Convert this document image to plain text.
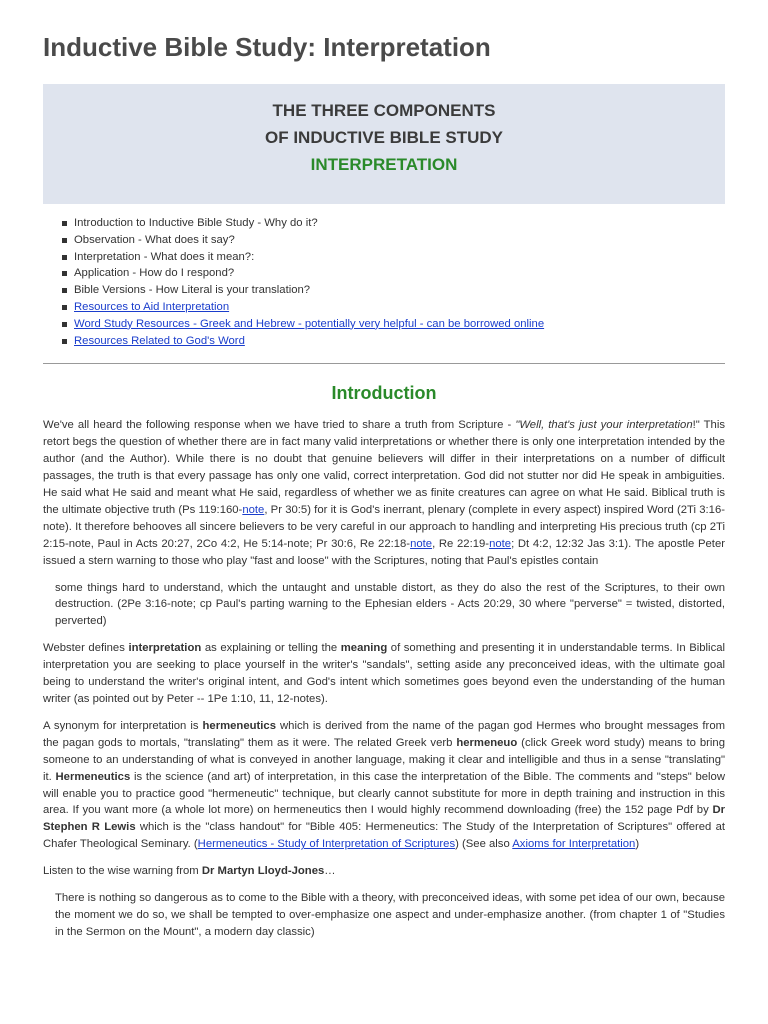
Inductive Bible Study: Interpretation
THE THREE COMPONENTS
OF INDUCTIVE BIBLE STUDY
INTERPRETATION
Introduction to Inductive Bible Study - Why do it?
Observation - What does it say?
Interpretation - What does it mean?:
Application - How do I respond?
Bible Versions - How Literal is your translation?
Resources to Aid Interpretation
Word Study Resources - Greek and Hebrew - potentially very helpful - can be borrowed online
Resources Related to God's Word
Introduction

We've all heard the following response when we have tried to share a truth from Scripture - "Well, that's just your interpretation!" This retort begs the question of whether there are in fact many valid interpretations or whether there is only one interpretation intended by the author (and the Author). While there is no doubt that genuine believers will differ in their interpretations on a number of difficult passages, the truth is that every passage has only one valid, correct interpretation. God did not stutter nor did He speak in ambiguities. He said what He said and meant what He said, regardless of whether we as finite creatures can agree on what He said. Biblical truth is the ultimate objective truth (Ps 119:160-note, Pr 30:5) for it is God's inerrant, plenary (complete in every aspect) inspired Word (2Ti 3:16-note). It therefore behooves all sincere believers to be very careful in our approach to handling and interpreting His precious truth (cp 2Ti 2:15-note, Paul in Acts 20:27, 2Co 4:2, He 5:14-note; Pr 30:6, Re 22:18-note, Re 22:19-note; Dt 4:2, 12:32 Jas 3:1). The apostle Peter issued a stern warning to those who play "fast and loose" with the Scriptures, noting that Paul's epistles contain

some things hard to understand, which the untaught and unstable distort, as they do also the rest of the Scriptures, to their own destruction. (2Pe 3:16-note; cp Paul's parting warning to the Ephesian elders - Acts 20:29, 30 where "perverse" = twisted, distorted, perverted)

Webster defines interpretation as explaining or telling the meaning of something and presenting it in understandable terms. In Biblical interpretation you are seeking to place yourself in the writer's "sandals", setting aside any preconceived ideas, with the ultimate goal being to understand the writer's original intent, and God's intent which sometimes goes beyond even the understanding of the human writer (as pointed out by Peter -- 1Pe 1:10, 11, 12-notes).

A synonym for interpretation is hermeneutics which is derived from the name of the pagan god Hermes who brought messages from the pagan gods to mortals, "translating" them as it were. The related Greek verb hermeneuo (click Greek word study) means to bring someone to an understanding of what is conveyed in another language, making it clear and intelligible and thus in a sense "translating" it. Hermeneutics is the science (and art) of interpretation, in this case the interpretation of the Bible. The comments and "steps" below will enable you to practice good "hermeneutic" technique, but clearly cannot substitute for more in depth training and instruction in this area. If you want more (a whole lot more) on hermeneutics then I would highly recommend downloading (free) the 152 page Pdf by Dr Stephen R Lewis which is the "class handout" for "Bible 405: Hermeneutics: The Study of the Interpretation of Scriptures" offered at Chafer Theological Seminary. (Hermeneutics - Study of Interpretation of Scriptures) (See also Axioms for Interpretation)

Listen to the wise warning from Dr Martyn Lloyd-Jones…

There is nothing so dangerous as to come to the Bible with a theory, with preconceived ideas, with some pet idea of our own, because the moment we do so, we shall be tempted to over-emphasize one aspect and under-emphasize another. (from chapter 1 of "Studies in the Sermon on the Mount", a modern day classic)
